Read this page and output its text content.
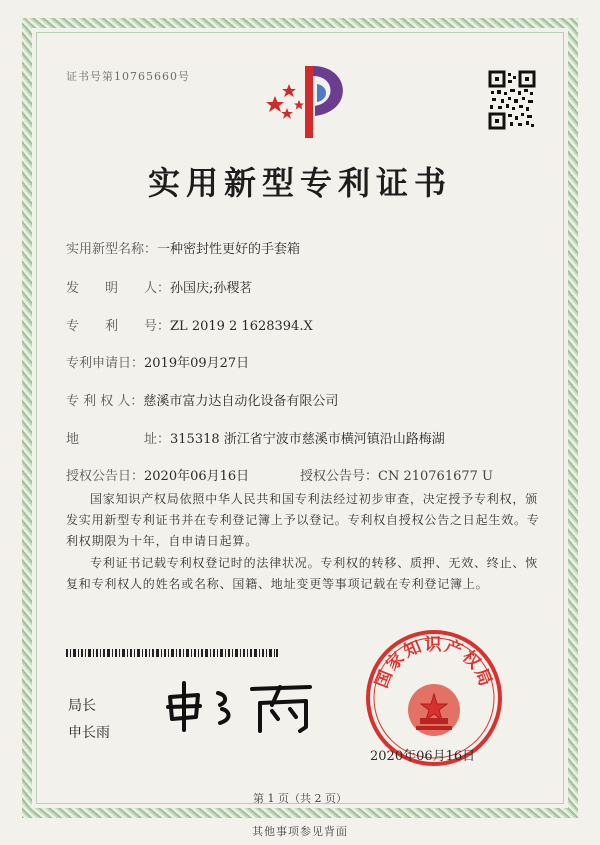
证书号第10765660号
实用新型专利证书
实用新型名称：一种密封性更好的手套箱
发　　明　　人：孙国庆;孙稷茗
专　　利　　号：ZL 2019 2 1628394.X
专利申请日：2019年09月27日
专 利 权 人：慈溪市富力达自动化设备有限公司
地　　　　　址：315318 浙江省宁波市慈溪市横河镇沿山路梅湖
授权公告日：2020年06月16日	授权公告号：CN 210761677 U
国家知识产权局依照中华人民共和国专利法经过初步审查，决定授予专利权，颁发实用新型专利证书并在专利登记簿上予以登记。专利权自授权公告之日起生效。专利权期限为十年，自申请日起算。
专利证书记载专利权登记时的法律状况。专利权的转移、质押、无效、终止、恢复和专利权人的姓名或名称、国籍、地址变更等事项记载在专利登记簿上。
局长
申长雨
国家知识产权局
2020年06月16日
第 1 页（共 2 页）
其他事项参见背面
